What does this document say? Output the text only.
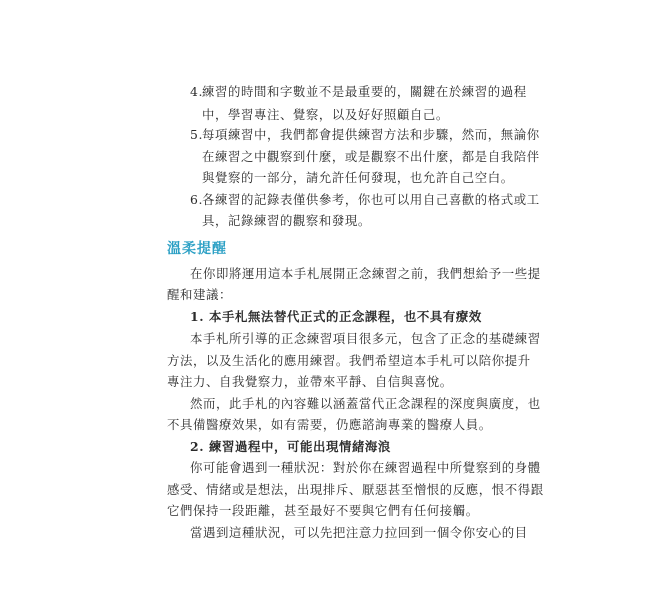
4.
練習的時間和字數並不是最重要的，關鍵在於練習的過程
中，學習專注、覺察，以及好好照顧自己。
5.
每項練習中，我們都會提供練習方法和步驟，然而，無論你
在練習之中觀察到什麼，或是觀察不出什麼，都是自我陪伴
與覺察的一部分，請允許任何發現，也允許自己空白。
6.
各練習的記錄表僅供參考，你也可以用自己喜歡的格式或工
具，記錄練習的觀察和發現。
溫柔提醒
在你即將運用這本手札展開正念練習之前，我們想給予一些提
醒和建議：
1. 本手札無法替代正式的正念課程，也不具有療效
本手札所引導的正念練習項目很多元，包含了正念的基礎練習
方法，以及生活化的應用練習。我們希望這本手札可以陪你提升
專注力、自我覺察力，並帶來平靜、自信與喜悅。
然而，此手札的內容難以涵蓋當代正念課程的深度與廣度，也
不具備醫療效果，如有需要，仍應諮詢專業的醫療人員。
2. 練習過程中，可能出現情緒海浪
你可能會遇到一種狀況：對於你在練習過程中所覺察到的身體
感受、情緒或是想法，出現排斥、厭惡甚至憎恨的反應，恨不得跟
它們保持一段距離，甚至最好不要與它們有任何接觸。
當遇到這種狀況，可以先把注意力拉回到一個令你安心的目
